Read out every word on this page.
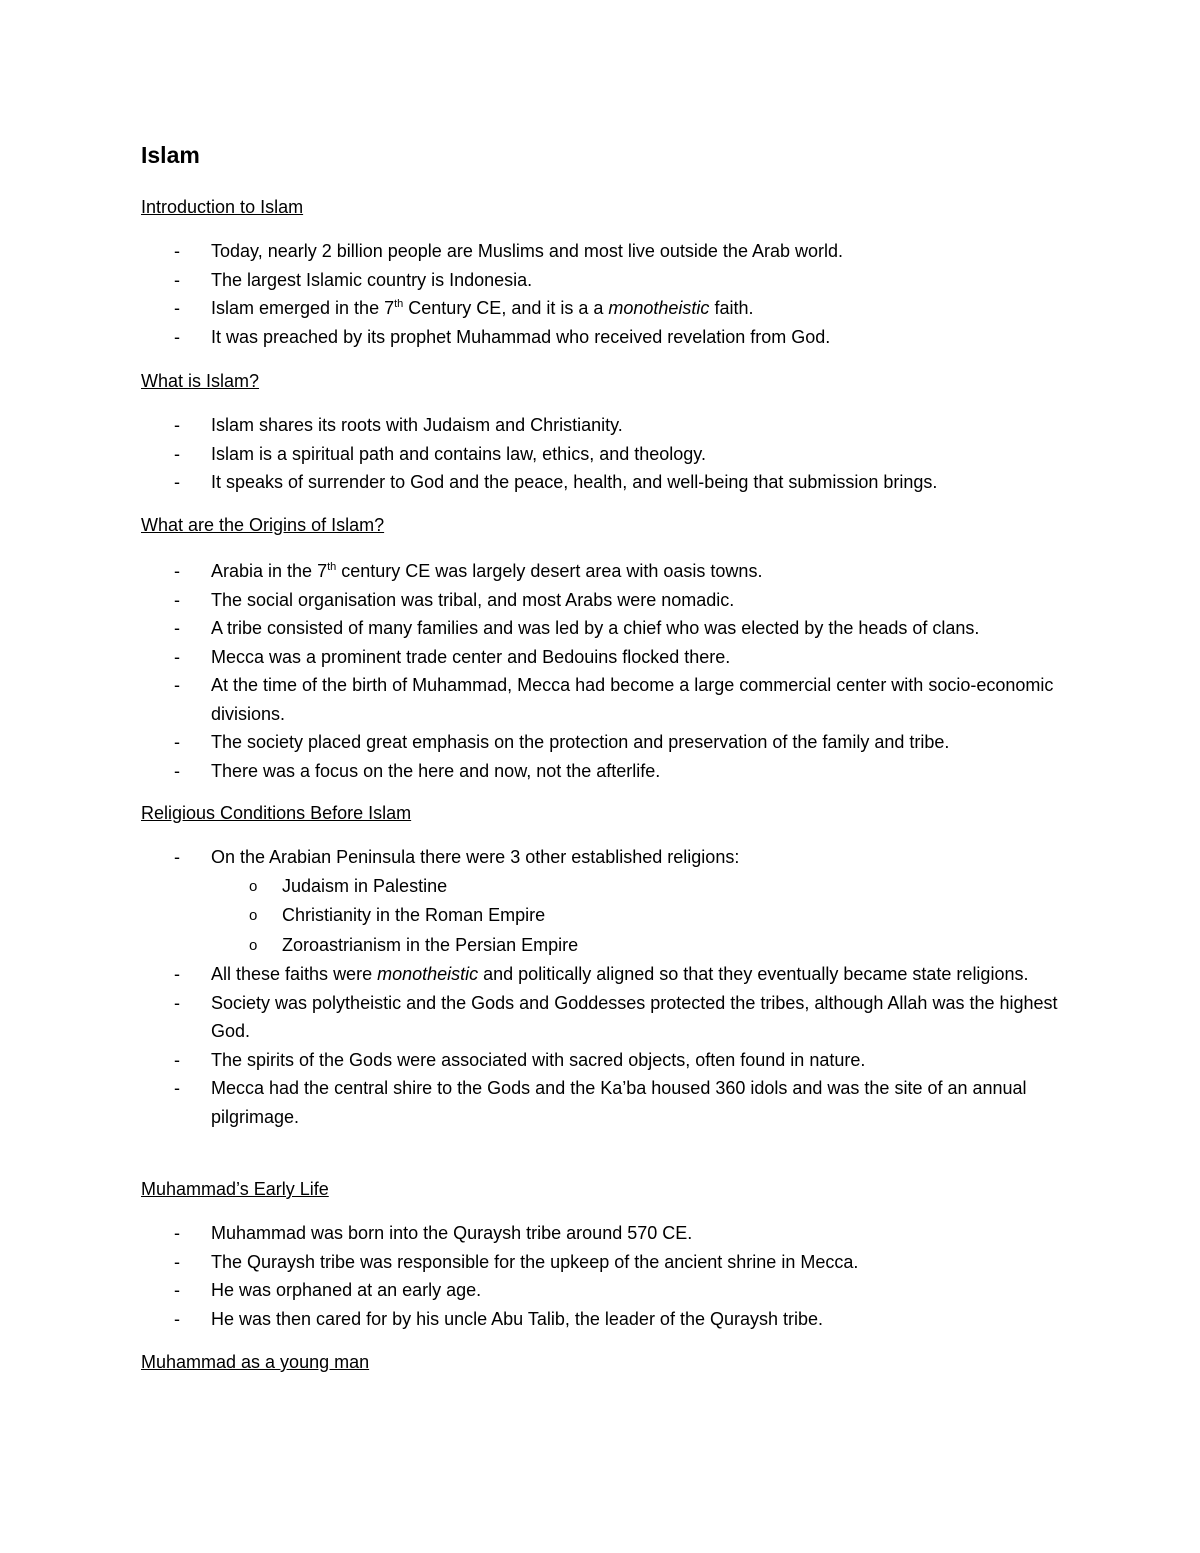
Islam
Introduction to Islam
- Today, nearly 2 billion people are Muslims and most live outside the Arab world.
- The largest Islamic country is Indonesia.
- Islam emerged in the 7th Century CE, and it is a a monotheistic faith.
- It was preached by its prophet Muhammad who received revelation from God.
What is Islam?
- Islam shares its roots with Judaism and Christianity.
- Islam is a spiritual path and contains law, ethics, and theology.
- It speaks of surrender to God and the peace, health, and well-being that submission brings.
What are the Origins of Islam?
- Arabia in the 7th century CE was largely desert area with oasis towns.
- The social organisation was tribal, and most Arabs were nomadic.
- A tribe consisted of many families and was led by a chief who was elected by the heads of clans.
- Mecca was a prominent trade center and Bedouins flocked there.
- At the time of the birth of Muhammad, Mecca had become a large commercial center with socio-economic divisions.
- The society placed great emphasis on the protection and preservation of the family and tribe.
- There was a focus on the here and now, not the afterlife.
Religious Conditions Before Islam
- On the Arabian Peninsula there were 3 other established religions:
o Judaism in Palestine
o Christianity in the Roman Empire
o Zoroastrianism in the Persian Empire
- All these faiths were monotheistic and politically aligned so that they eventually became state religions.
- Society was polytheistic and the Gods and Goddesses protected the tribes, although Allah was the highest God.
- The spirits of the Gods were associated with sacred objects, often found in nature.
- Mecca had the central shire to the Gods and the Ka’ba housed 360 idols and was the site of an annual pilgrimage.
Muhammad’s Early Life
- Muhammad was born into the Quraysh tribe around 570 CE.
- The Quraysh tribe was responsible for the upkeep of the ancient shrine in Mecca.
- He was orphaned at an early age.
- He was then cared for by his uncle Abu Talib, the leader of the Quraysh tribe.
Muhammad as a young man
